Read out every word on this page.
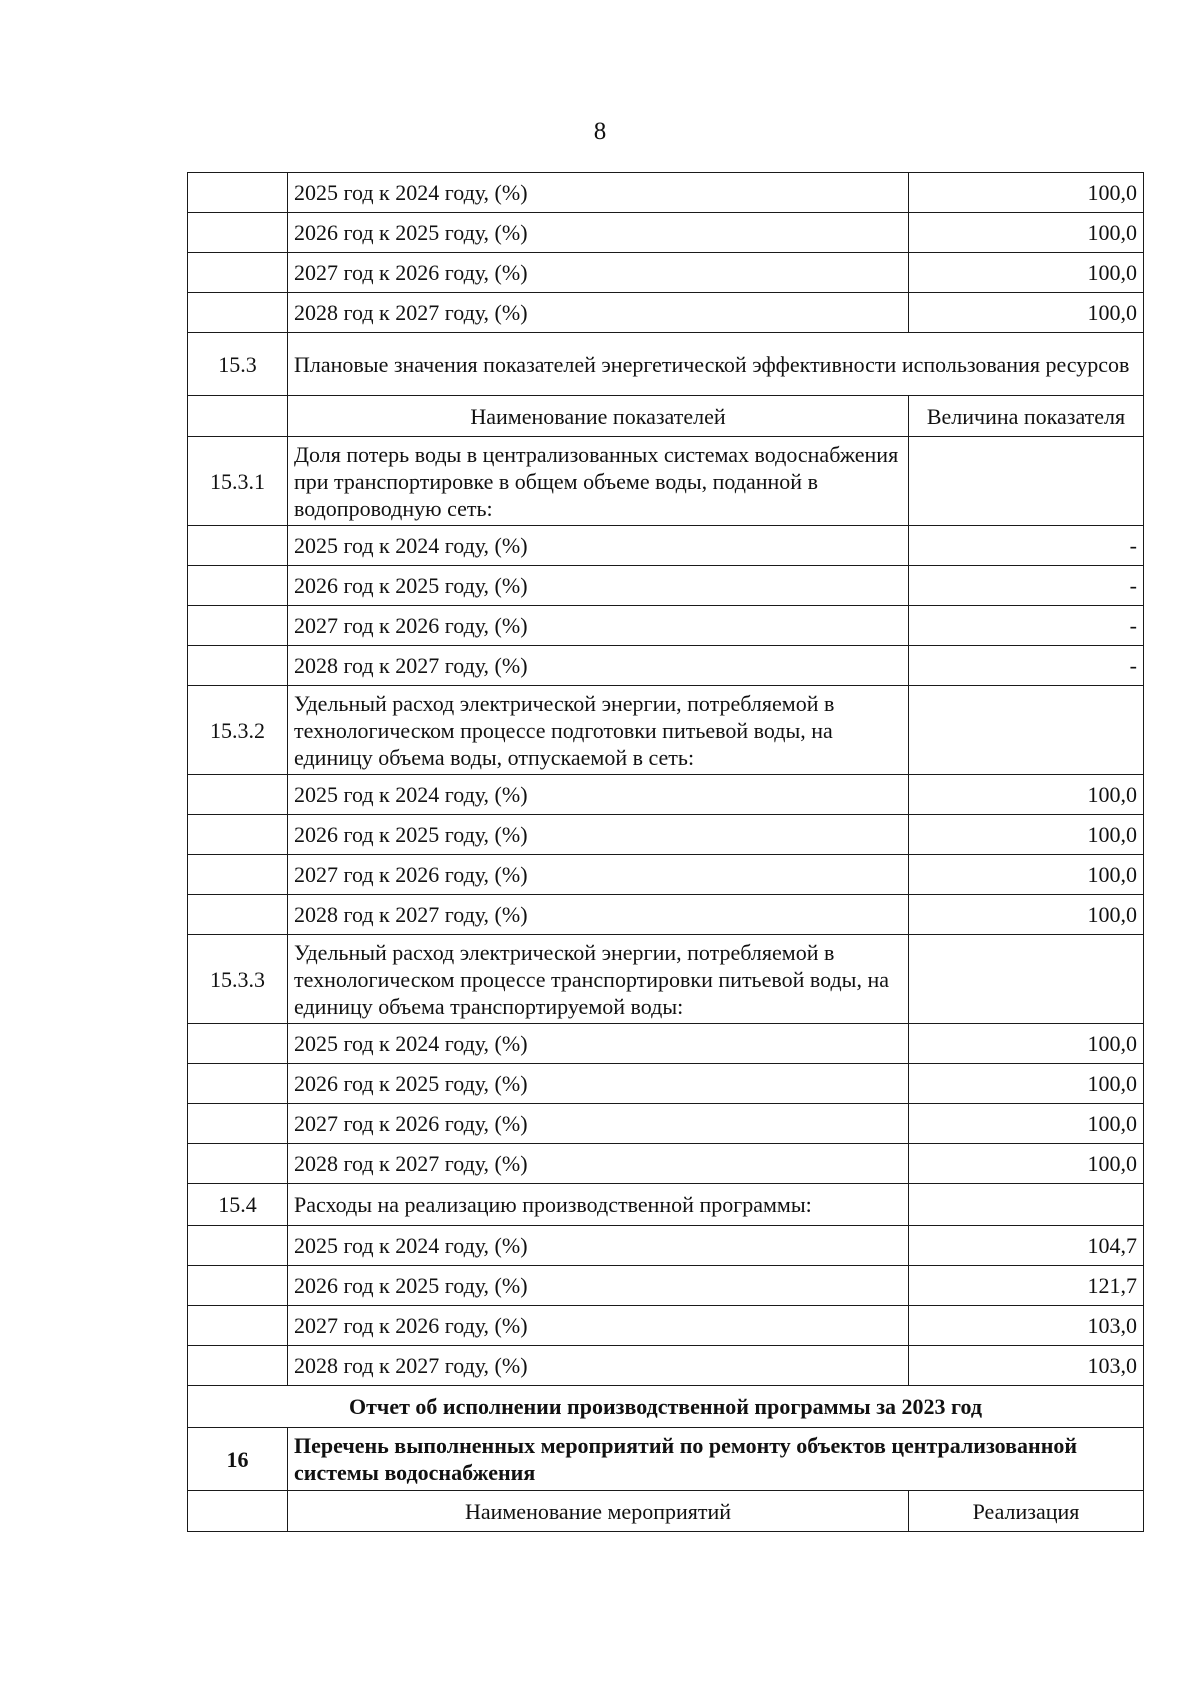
8
	2025 год к 2024 году, (%)	100,0
	2026 год к 2025 году, (%)	100,0
	2027 год к 2026 году, (%)	100,0
	2028 год к 2027 году, (%)	100,0
15.3	Плановые значения показателей энергетической эффективности использования ресурсов	
	Наименование показателей	Величина показателя
15.3.1	Доля потерь воды в централизованных системах водоснабжения при транспортировке в общем объеме воды, поданной в водопроводную сеть:	
	2025 год к 2024 году, (%)	-
	2026 год к 2025 году, (%)	-
	2027 год к 2026 году, (%)	-
	2028 год к 2027 году, (%)	-
15.3.2	Удельный расход электрической энергии, потребляемой в технологическом процессе подготовки питьевой воды, на единицу объема воды, отпускаемой в сеть:	
	2025 год к 2024 году, (%)	100,0
	2026 год к 2025 году, (%)	100,0
	2027 год к 2026 году, (%)	100,0
	2028 год к 2027 году, (%)	100,0
15.3.3	Удельный расход электрической энергии, потребляемой в технологическом процессе транспортировки питьевой воды, на единицу объема транспортируемой воды:	
	2025 год к 2024 году, (%)	100,0
	2026 год к 2025 году, (%)	100,0
	2027 год к 2026 году, (%)	100,0
	2028 год к 2027 году, (%)	100,0
15.4	Расходы на реализацию производственной программы:	
	2025 год к 2024 году, (%)	104,7
	2026 год к 2025 году, (%)	121,7
	2027 год к 2026 году, (%)	103,0
	2028 год к 2027 году, (%)	103,0
Отчет об исполнении производственной программы за 2023 год		
16	Перечень выполненных мероприятий по ремонту объектов централизованной системы водоснабжения	
	Наименование мероприятий	Реализация
